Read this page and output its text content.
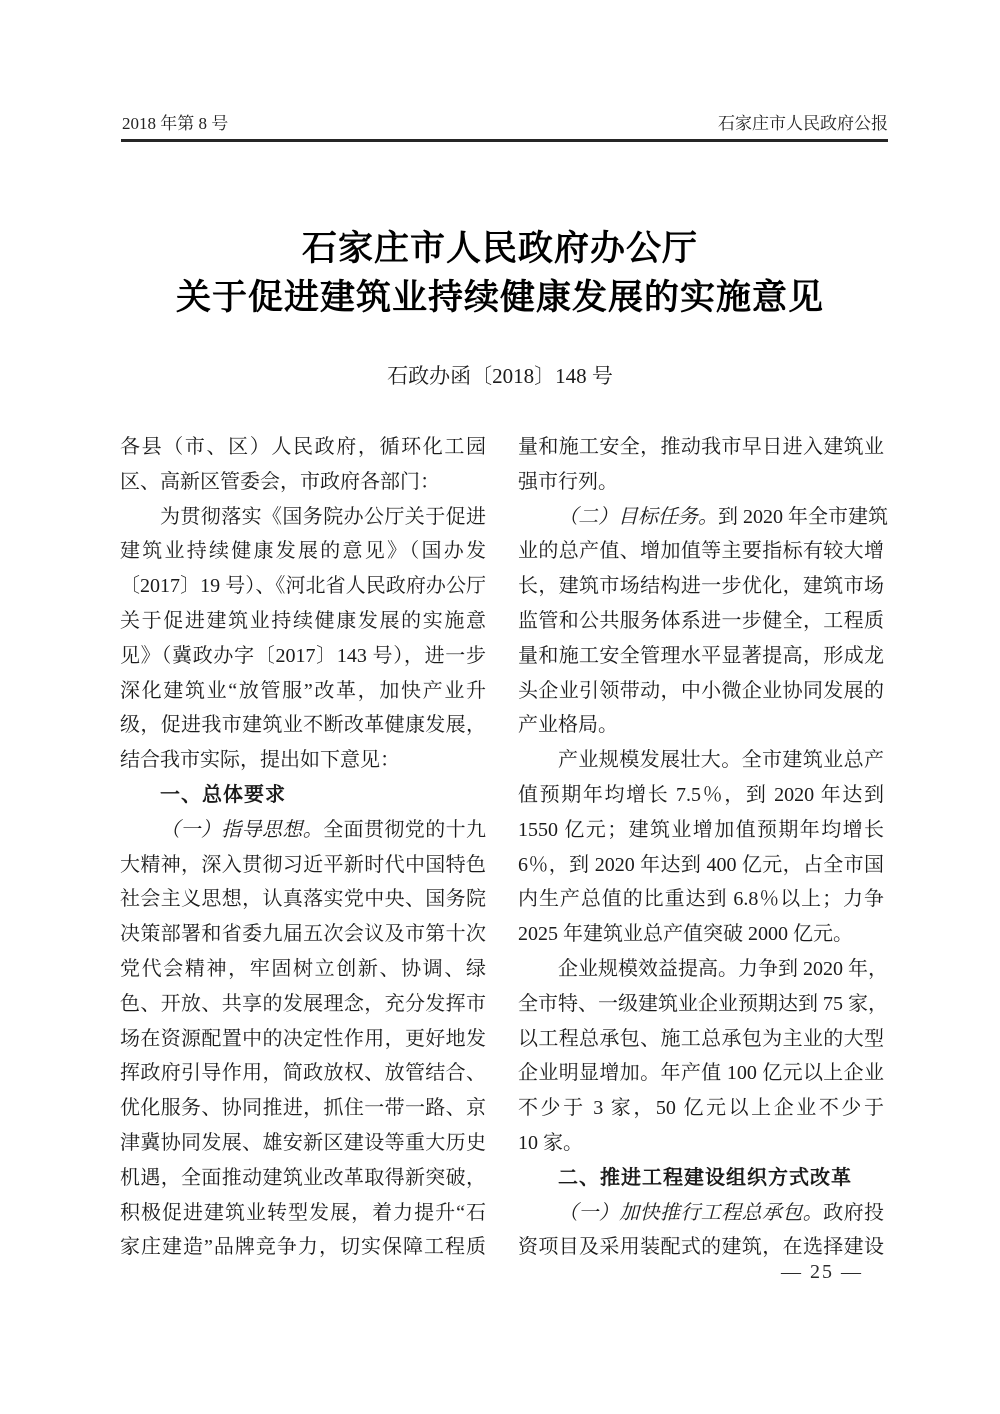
2018 年第 8 号	石家庄市人民政府公报
石家庄市人民政府办公厅
关于促进建筑业持续健康发展的实施意见
石政办函〔2018〕148 号
各县（市、区）人民政府，循环化工园
区、高新区管委会，市政府各部门：
为贯彻落实《国务院办公厅关于促进
建筑业持续健康发展的意见》（国办发
〔2017〕19 号）、《河北省人民政府办公厅
关于促进建筑业持续健康发展的实施意
见》（冀政办字〔2017〕143 号），进一步
深化建筑业“放管服”改革，加快产业升
级，促进我市建筑业不断改革健康发展，
结合我市实际，提出如下意见：
一、总体要求
（一）指导思想。全面贯彻党的十九
大精神，深入贯彻习近平新时代中国特色
社会主义思想，认真落实党中央、国务院
决策部署和省委九届五次会议及市第十次
党代会精神，牢固树立创新、协调、绿
色、开放、共享的发展理念，充分发挥市
场在资源配置中的决定性作用，更好地发
挥政府引导作用，简政放权、放管结合、
优化服务、协同推进，抓住一带一路、京
津冀协同发展、雄安新区建设等重大历史
机遇，全面推动建筑业改革取得新突破，
积极促进建筑业转型发展，着力提升“石
家庄建造”品牌竞争力，切实保障工程质
量和施工安全，推动我市早日进入建筑业
强市行列。
（二）目标任务。到 2020 年全市建筑
业的总产值、增加值等主要指标有较大增
长，建筑市场结构进一步优化，建筑市场
监管和公共服务体系进一步健全，工程质
量和施工安全管理水平显著提高，形成龙
头企业引领带动，中小微企业协同发展的
产业格局。
产业规模发展壮大。全市建筑业总产
值预期年均增长 7.5％，到 2020 年达到
1550 亿元；建筑业增加值预期年均增长
6％，到 2020 年达到 400 亿元，占全市国
内生产总值的比重达到 6.8％以上；力争
2025 年建筑业总产值突破 2000 亿元。
企业规模效益提高。力争到 2020 年，
全市特、一级建筑业企业预期达到 75 家，
以工程总承包、施工总承包为主业的大型
企业明显增加。年产值 100 亿元以上企业
不少于 3 家，50 亿元以上企业不少于
10 家。
二、推进工程建设组织方式改革
（一）加快推行工程总承包。政府投
资项目及采用装配式的建筑，在选择建设
— 25 —
